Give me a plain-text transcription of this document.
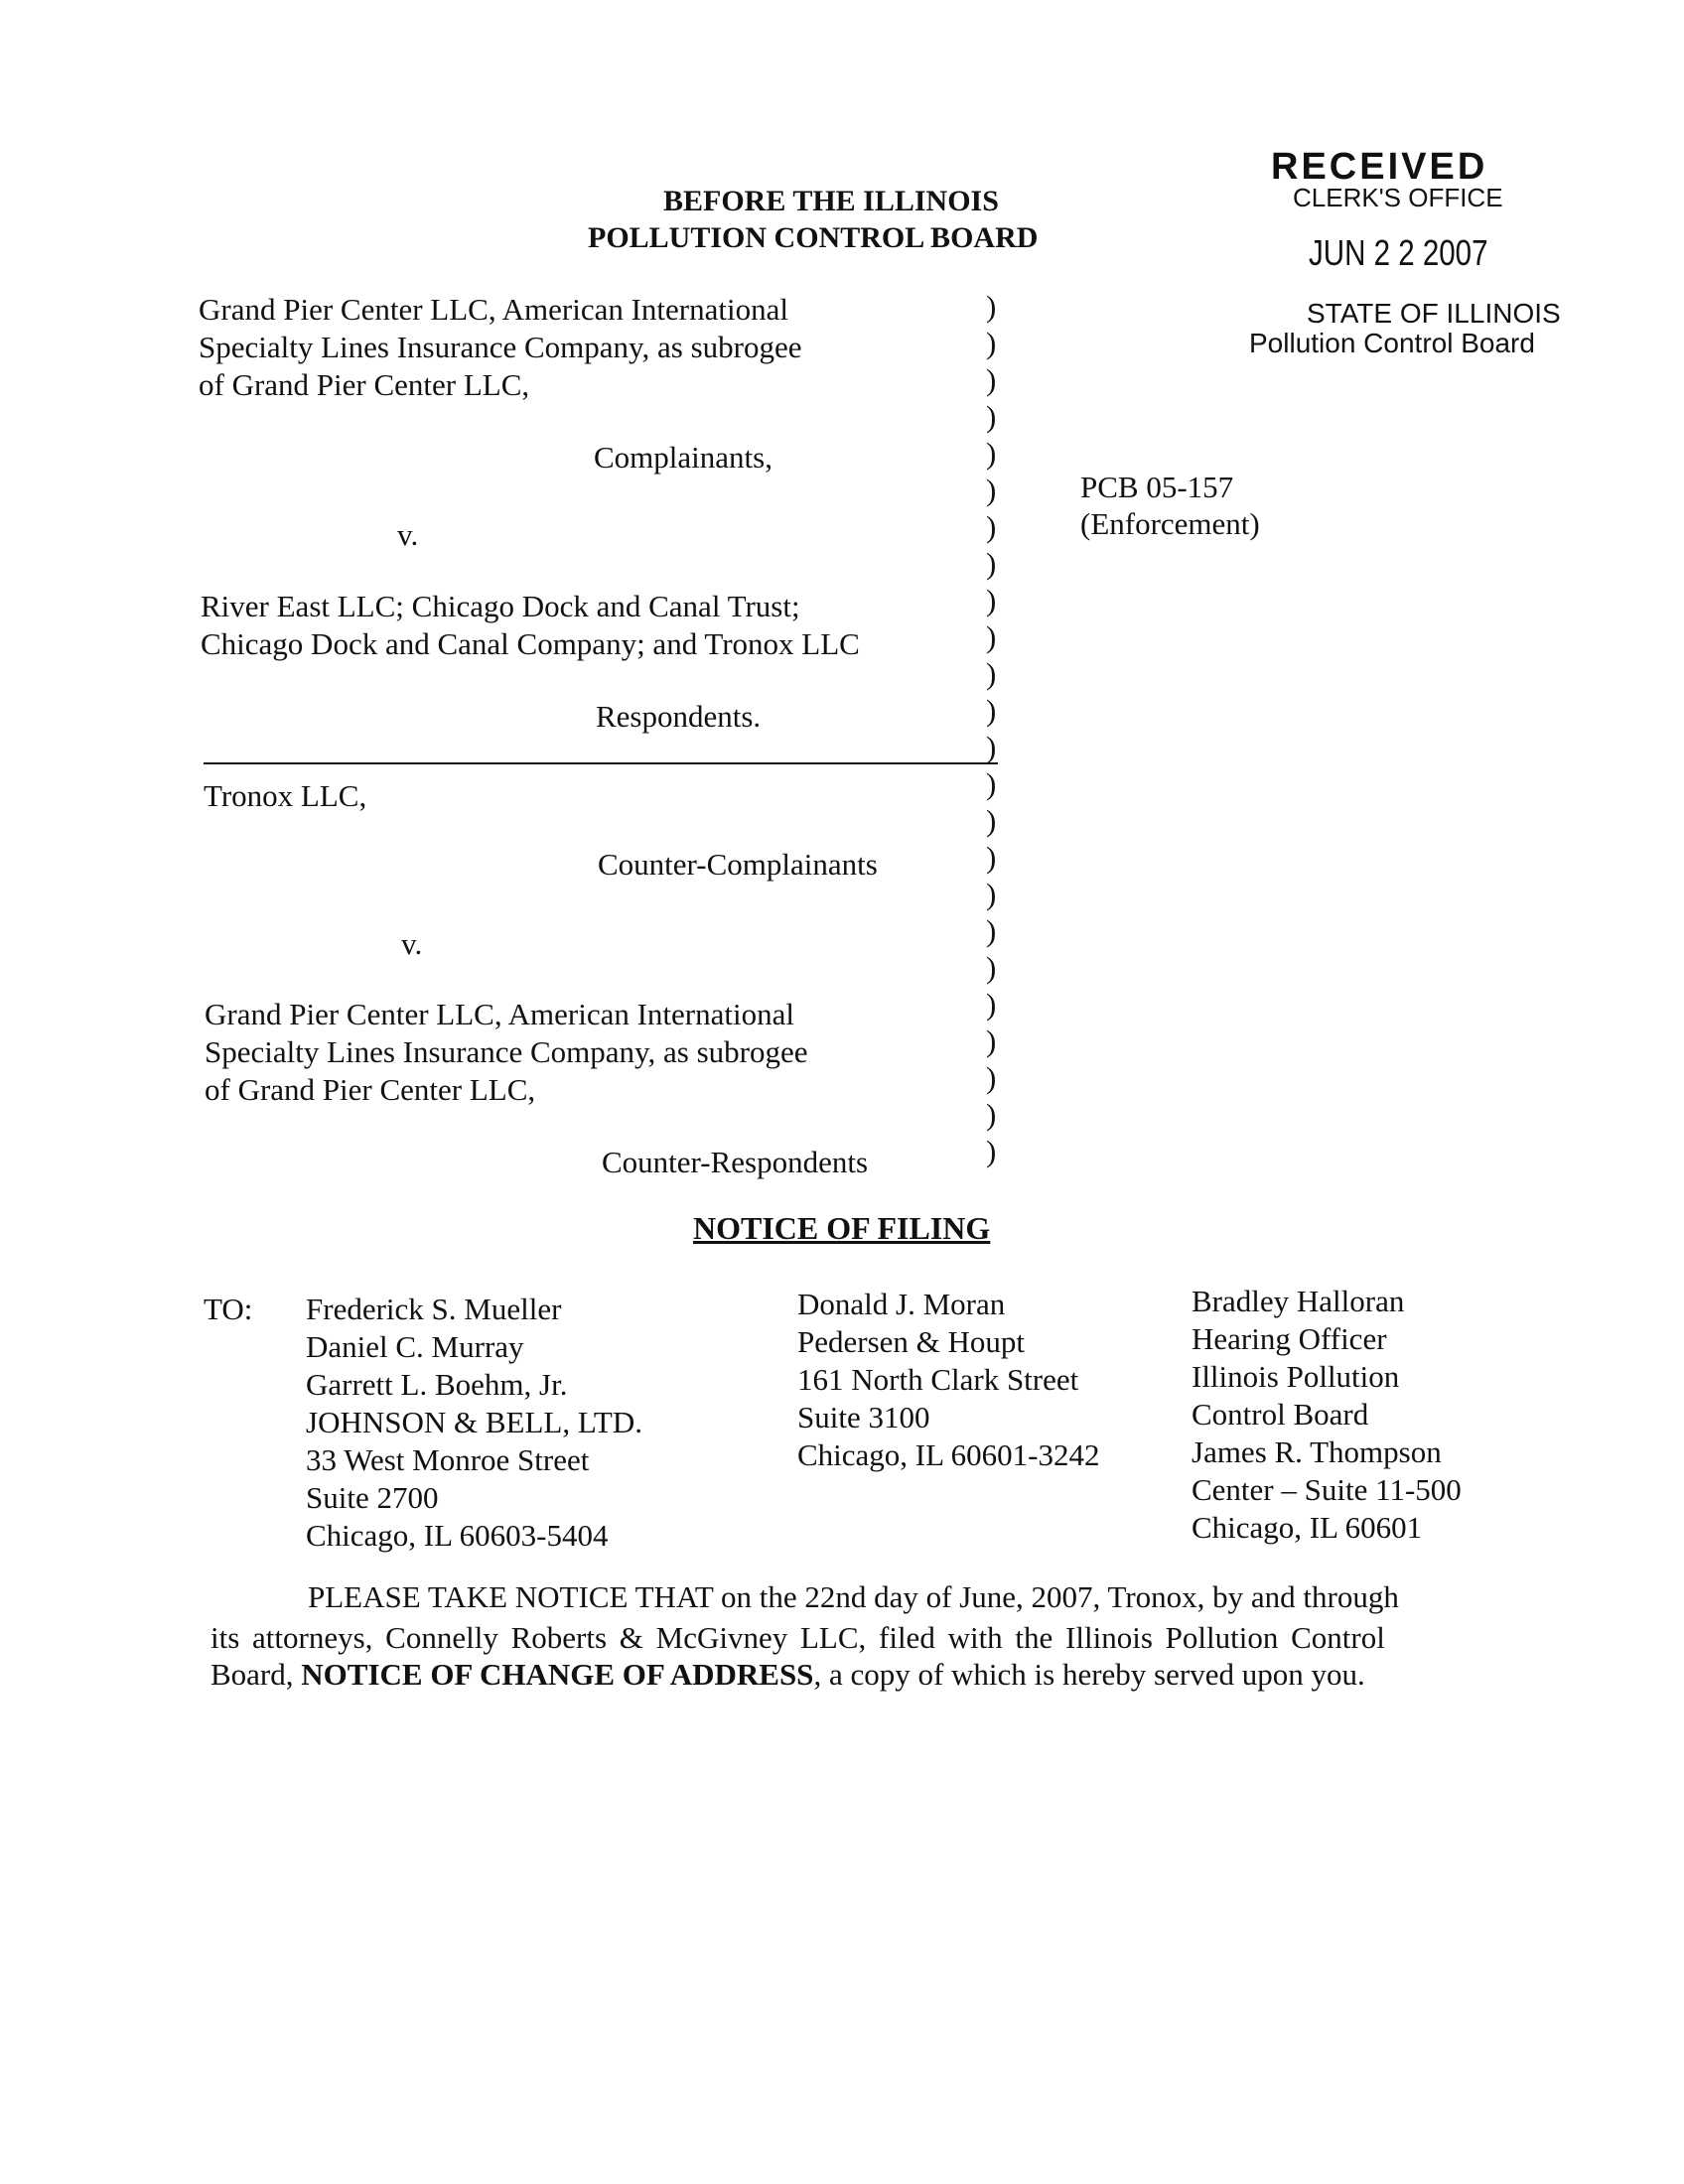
BEFORE THE ILLINOIS
POLLUTION CONTROL BOARD
RECEIVED
CLERK'S OFFICE
JUN 2 2 2007
STATE OF ILLINOIS
Pollution Control Board
Grand Pier Center LLC, American International
Specialty Lines Insurance Company, as subrogee
of Grand Pier Center LLC,
Complainants,
v.
River East LLC; Chicago Dock and Canal Trust;
Chicago Dock and Canal Company; and Tronox LLC
Respondents.
Tronox LLC,
Counter-Complainants
v.
Grand Pier Center LLC, American International
Specialty Lines Insurance Company, as subrogee
of Grand Pier Center LLC,
Counter-Respondents
)
)
)
)
)
)
)
)
)
)
)
)
)
)
)
)
)
)
)
)
)
)
)
)
PCB 05-157
(Enforcement)
NOTICE OF FILING
TO: Frederick S. Mueller
Daniel C. Murray
Garrett L. Boehm, Jr.
JOHNSON & BELL, LTD.
33 West Monroe Street
Suite 2700
Chicago, IL 60603-5404
Donald J. Moran
Pedersen & Houpt
161 North Clark Street
Suite 3100
Chicago, IL 60601-3242
Bradley Halloran
Hearing Officer
Illinois Pollution
Control Board
James R. Thompson
Center – Suite 11-500
Chicago, IL 60601
PLEASE TAKE NOTICE THAT on the 22nd day of June, 2007, Tronox, by and through
its attorneys, Connelly Roberts & McGivney LLC, filed with the Illinois Pollution Control
Board, NOTICE OF CHANGE OF ADDRESS, a copy of which is hereby served upon you.
